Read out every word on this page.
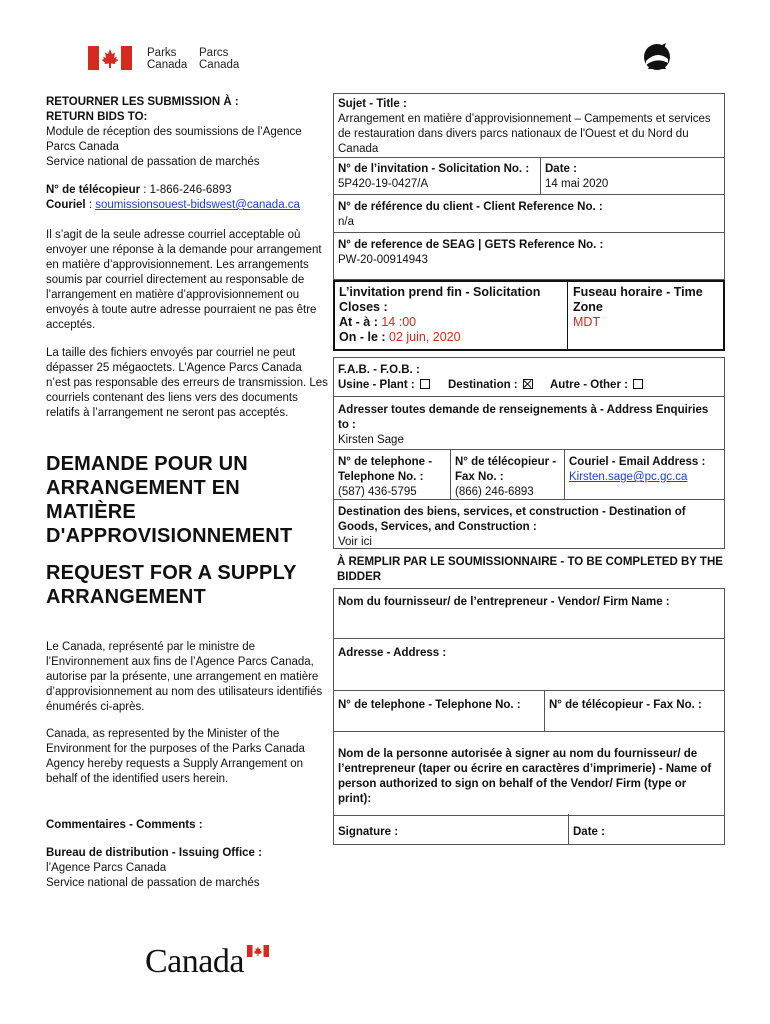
Parks
Canada
Parcs
Canada
RETOURNER LES SUBMISSION À :
RETURN BIDS TO:
Module de réception des soumissions de l’Agence
Parcs Canada
Service national de passation de marchés
N° de télécopieur : 1-866-246-6893
Couriel : soumissionsouest-bidswest@canada.ca
Il s’agit de la seule adresse courriel acceptable où envoyer une réponse à la demande pour arrangement en matière d’approvisionnement. Les arrangements soumis par courriel directement au responsable de l’arrangement en matière d’approvisionnement ou envoyés à toute autre adresse pourraient ne pas être acceptés.
La taille des fichiers envoyés par courriel ne peut dépasser 25 mégaoctets. L’Agence Parcs Canada n’est pas responsable des erreurs de transmission. Les courriels contenant des liens vers des documents relatifs à l’arrangement ne seront pas acceptés.
DEMANDE POUR UN
ARRANGEMENT EN
MATIÈRE
D'APPROVISIONNEMENT
REQUEST FOR A SUPPLY
ARRANGEMENT
Le Canada, représenté par le ministre de l’Environnement aux fins de l’Agence Parcs Canada, autorise par la présente, une arrangement en matière d’approvisionnement au nom des utilisateurs identifiés énumérés ci-après.
Canada, as represented by the Minister of the Environment for the purposes of the Parks Canada Agency hereby requests a Supply Arrangement on behalf of the identified users herein.
Commentaires - Comments :
Bureau de distribution - Issuing Office :
l’Agence Parcs Canada
Service national de passation de marchés
Sujet - Title :
Arrangement en matière d’approvisionnement – Campements et services de restauration dans divers parcs nationaux de l'Ouest et du Nord du Canada
N° de l’invitation - Solicitation No. :
5P420-19-0427/A
Date :
14 mai 2020
N° de référence du client - Client Reference No. :
n/a
N° de reference de SEAG | GETS Reference No. :
PW-20-00914943
L’invitation prend fin - Solicitation
Closes :
At - à : 14 :00
On - le : 02 juin, 2020
Fuseau horaire - Time
Zone
MDT
F.A.B. - F.O.B. :
Usine - Plant :	Destination :	Autre - Other :
Adresser toutes demande de renseignements à - Address Enquiries to :
Kirsten Sage
N° de telephone -
Telephone No. :
(587) 436-5795
N° de télécopieur -
Fax No. :
(866) 246-6893
Couriel - Email Address :
Kirsten.sage@pc.gc.ca
Destination des biens, services, et construction - Destination of Goods, Services, and Construction :
Voir ici
À REMPLIR PAR LE SOUMISSIONNAIRE - TO BE COMPLETED BY THE BIDDER
Nom du fournisseur/ de l’entrepreneur - Vendor/ Firm Name :
Adresse - Address :
N° de telephone - Telephone No. :	N° de télécopieur - Fax No. :
Nom de la personne autorisée à signer au nom du fournisseur/ de l’entrepreneur (taper ou écrire en caractères d’imprimerie) - Name of person authorized to sign on behalf of the Vendor/ Firm (type or print):
Signature :	Date :
Canada
